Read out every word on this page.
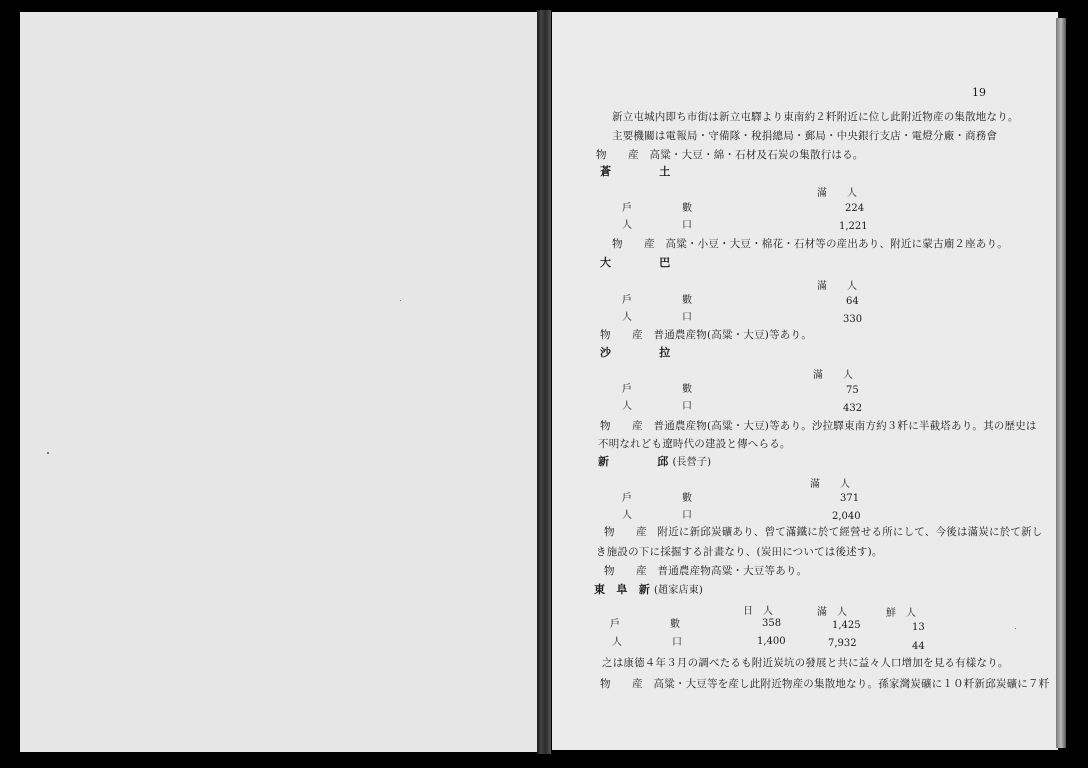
19
新立屯城内即ち市街は新立屯驛より東南約２粁附近に位し此附近物産の集散地なり。
主要機關は電報局・守備隊・稅捐總局・郵局・中央銀行支店・電燈分廠・商務會
物　　産　高粱・大豆・綿・石材及石炭の集散行はる。
蒼	土
滿　　人
戶　　　　　數	224
人　　　　　口	1,221
物　　産　高粱・小豆・大豆・棉花・石材等の産出あり、附近に蒙古廟２座あり。
大	巴
滿　　人
戶　　　　　數	64
人　　　　　口	330
物　　産　普通農産物(高粱・大豆)等あり。
沙	拉
滿　　人
戶　　　　　數	75
人　　　　　口	432
物　　産　普通農産物(高粱・大豆)等あり。沙拉驛東南方約３粁に半截塔あり。其の歴史は
不明なれども遼時代の建設と傳へらる。
新	邱 (長營子)
滿　　人
戶　　　　　數	371
人　　　　　口	2,040
物　　産　附近に新邱炭礦あり、曾て滿鐵に於て經營せる所にして、今後は滿炭に於て新し
き施設の下に採掘する計畫なり、(炭田については後述す)。
物　　産　普通農産物高粱・大豆等あり。
東　阜　新 (趙家店東)
日　人	滿　人	鮮　人
戶　　　　　數	358	1,425	13
人　　　　　口	1,400	7,932	44
之は康德４年３月の調べたるも附近炭坑の發展と共に益々人口增加を見る有樣なり。
物　　産　高粱・大豆等を産し此附近物産の集散地なり。孫家灣炭礦に１０粁新邱炭礦に７粁
